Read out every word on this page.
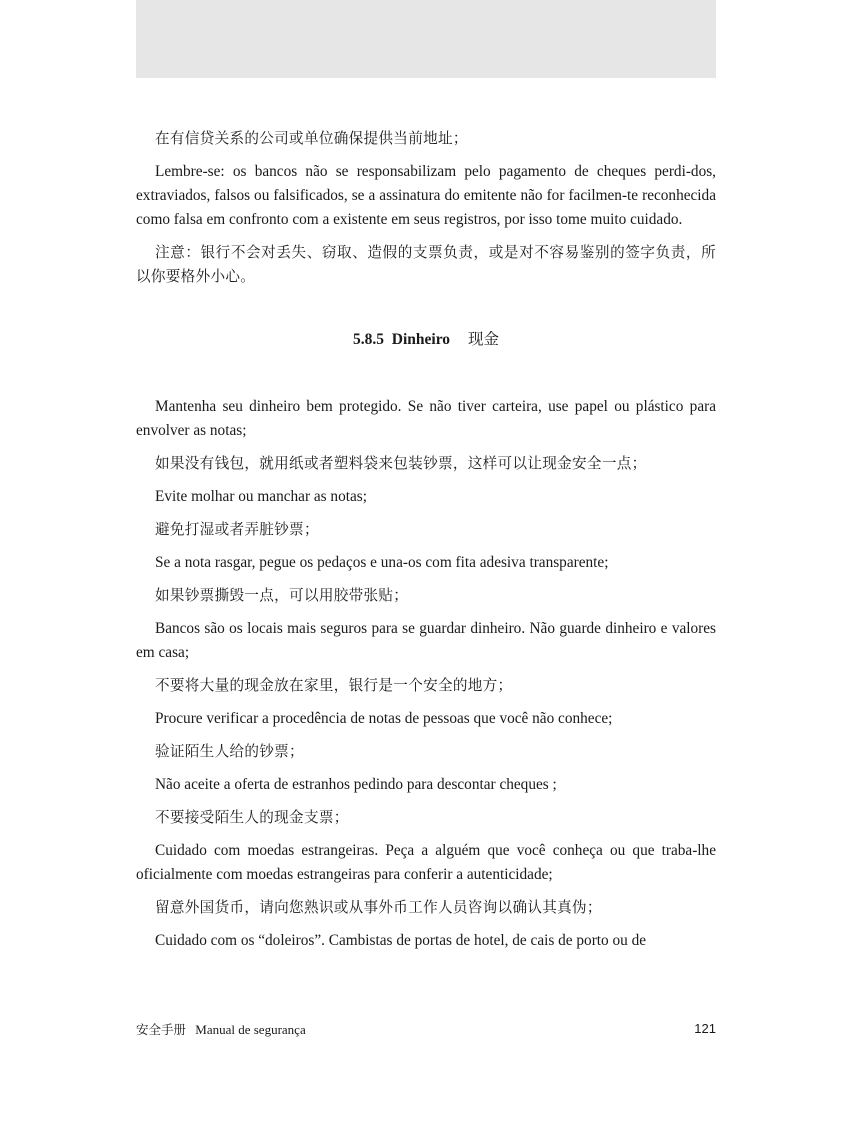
在有信贷关系的公司或单位确保提供当前地址；

Lembre-se: os bancos não se responsabilizam pelo pagamento de cheques perdi-dos, extraviados, falsos ou falsificados, se a assinatura do emitente não for facilmen-te reconhecida como falsa em confronto com a existente em seus registros, por isso tome muito cuidado.

注意：银行不会对丢失、窃取、造假的支票负责，或是对不容易鉴别的签字负责，所以你要格外小心。

5.8.5 Dinheiro 现金

Mantenha seu dinheiro bem protegido. Se não tiver carteira, use papel ou plástico para envolver as notas;

如果没有钱包，就用纸或者塑料袋来包装钞票，这样可以让现金安全一点；

Evite molhar ou manchar as notas;

避免打湿或者弄脏钞票；

Se a nota rasgar, pegue os pedaços e una-os com fita adesiva transparente;

如果钞票撕毁一点，可以用胶带张贴；

Bancos são os locais mais seguros para se guardar dinheiro. Não guarde dinheiro e valores em casa;

不要将大量的现金放在家里，银行是一个安全的地方；

Procure verificar a procedência de notas de pessoas que você não conhece;

验证陌生人给的钞票；

Não aceite a oferta de estranhos pedindo para descontar cheques ;

不要接受陌生人的现金支票；

Cuidado com moedas estrangeiras. Peça a alguém que você conheça ou que traba-lhe oficialmente com moedas estrangeiras para conferir a autenticidade;

留意外国货币，请向您熟识或从事外币工作人员咨询以确认其真伪；

Cuidado com os “doleiros”. Cambistas de portas de hotel, de cais de porto ou de

安全手册 Manual de segurança	121
